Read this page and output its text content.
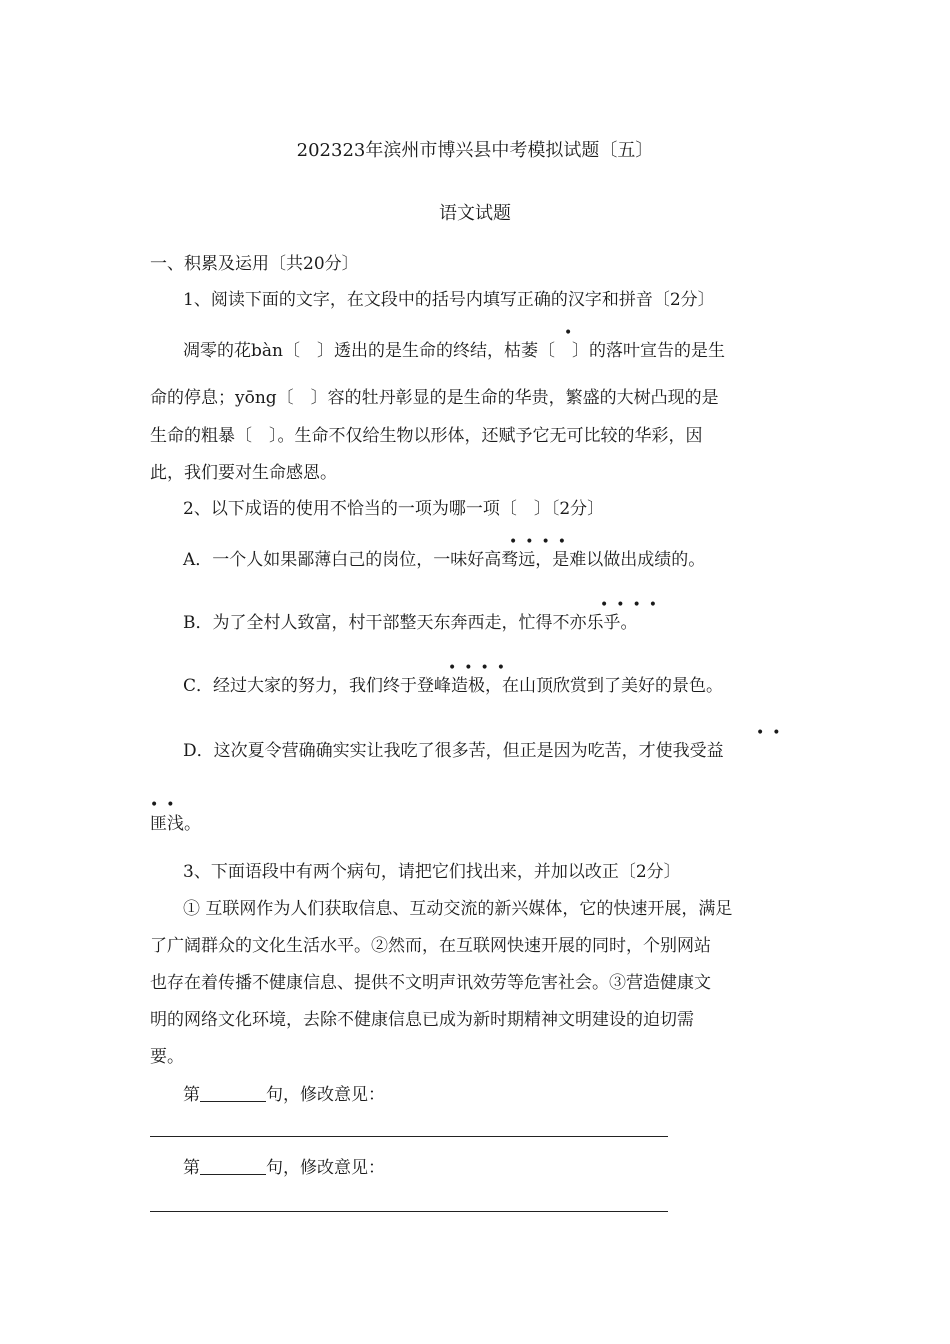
202323年滨州市博兴县中考模拟试题〔五〕
语文试题
一、积累及运用〔共20分〕
1、阅读下面的文字，在文段中的括号内填写正确的汉字和拼音〔2分〕
•
凋零的花bàn〔　〕透出的是生命的终结，枯萎〔　〕的落叶宣告的是生
命的停息；yōng〔　〕容的牡丹彰显的是生命的华贵，繁盛的大树凸现的是
生命的粗暴〔　〕。生命不仅给生物以形体，还赋予它无可比较的华彩，因
此，我们要对生命感恩。
2、以下成语的使用不恰当的一项为哪一项〔　〕〔2分〕
••••
A．一个人如果鄙薄白己的岗位，一味好高骛远，是难以做出成绩的。
••••
B．为了全村人致富，村干部整天东奔西走，忙得不亦乐乎。
••••
C．经过大家的努力，我们终于登峰造极，在山顶欣赏到了美好的景色。
••
D．这次夏令营确确实实让我吃了很多苦，但正是因为吃苦，才使我受益
••
匪浅。
3、下面语段中有两个病句，请把它们找出来，并加以改正〔2分〕
① 互联网作为人们获取信息、互动交流的新兴媒体，它的快速开展，满足
了广阔群众的文化生活水平。②然而，在互联网快速开展的同时，个别网站
也存在着传播不健康信息、提供不文明声讯效劳等危害社会。③营造健康文
明的网络文化环境，去除不健康信息已成为新时期精神文明建设的迫切需
要。
第	句，修改意见：
第	句，修改意见：
